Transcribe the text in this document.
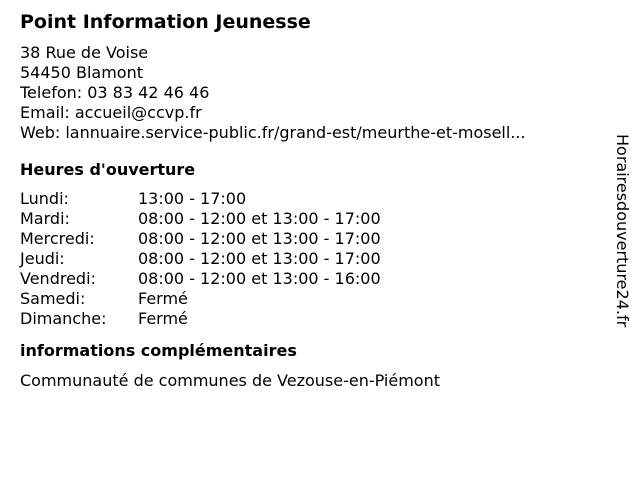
Point Information Jeunesse
38 Rue de Voise
54450 Blamont
Telefon: 03 83 42 46 46
Email: accueil@ccvp.fr
Web: lannuaire.service-public.fr/grand-est/meurthe-et-mosell...
Heures d'ouverture
Lundi:	13:00 - 17:00
Mardi:	08:00 - 12:00 et 13:00 - 17:00
Mercredi:	08:00 - 12:00 et 13:00 - 17:00
Jeudi:	08:00 - 12:00 et 13:00 - 17:00
Vendredi:	08:00 - 12:00 et 13:00 - 16:00
Samedi:	Fermé
Dimanche:	Fermé
informations complémentaires
Communauté de communes de Vezouse-en-Piémont
Horairesdouverture24.fr
